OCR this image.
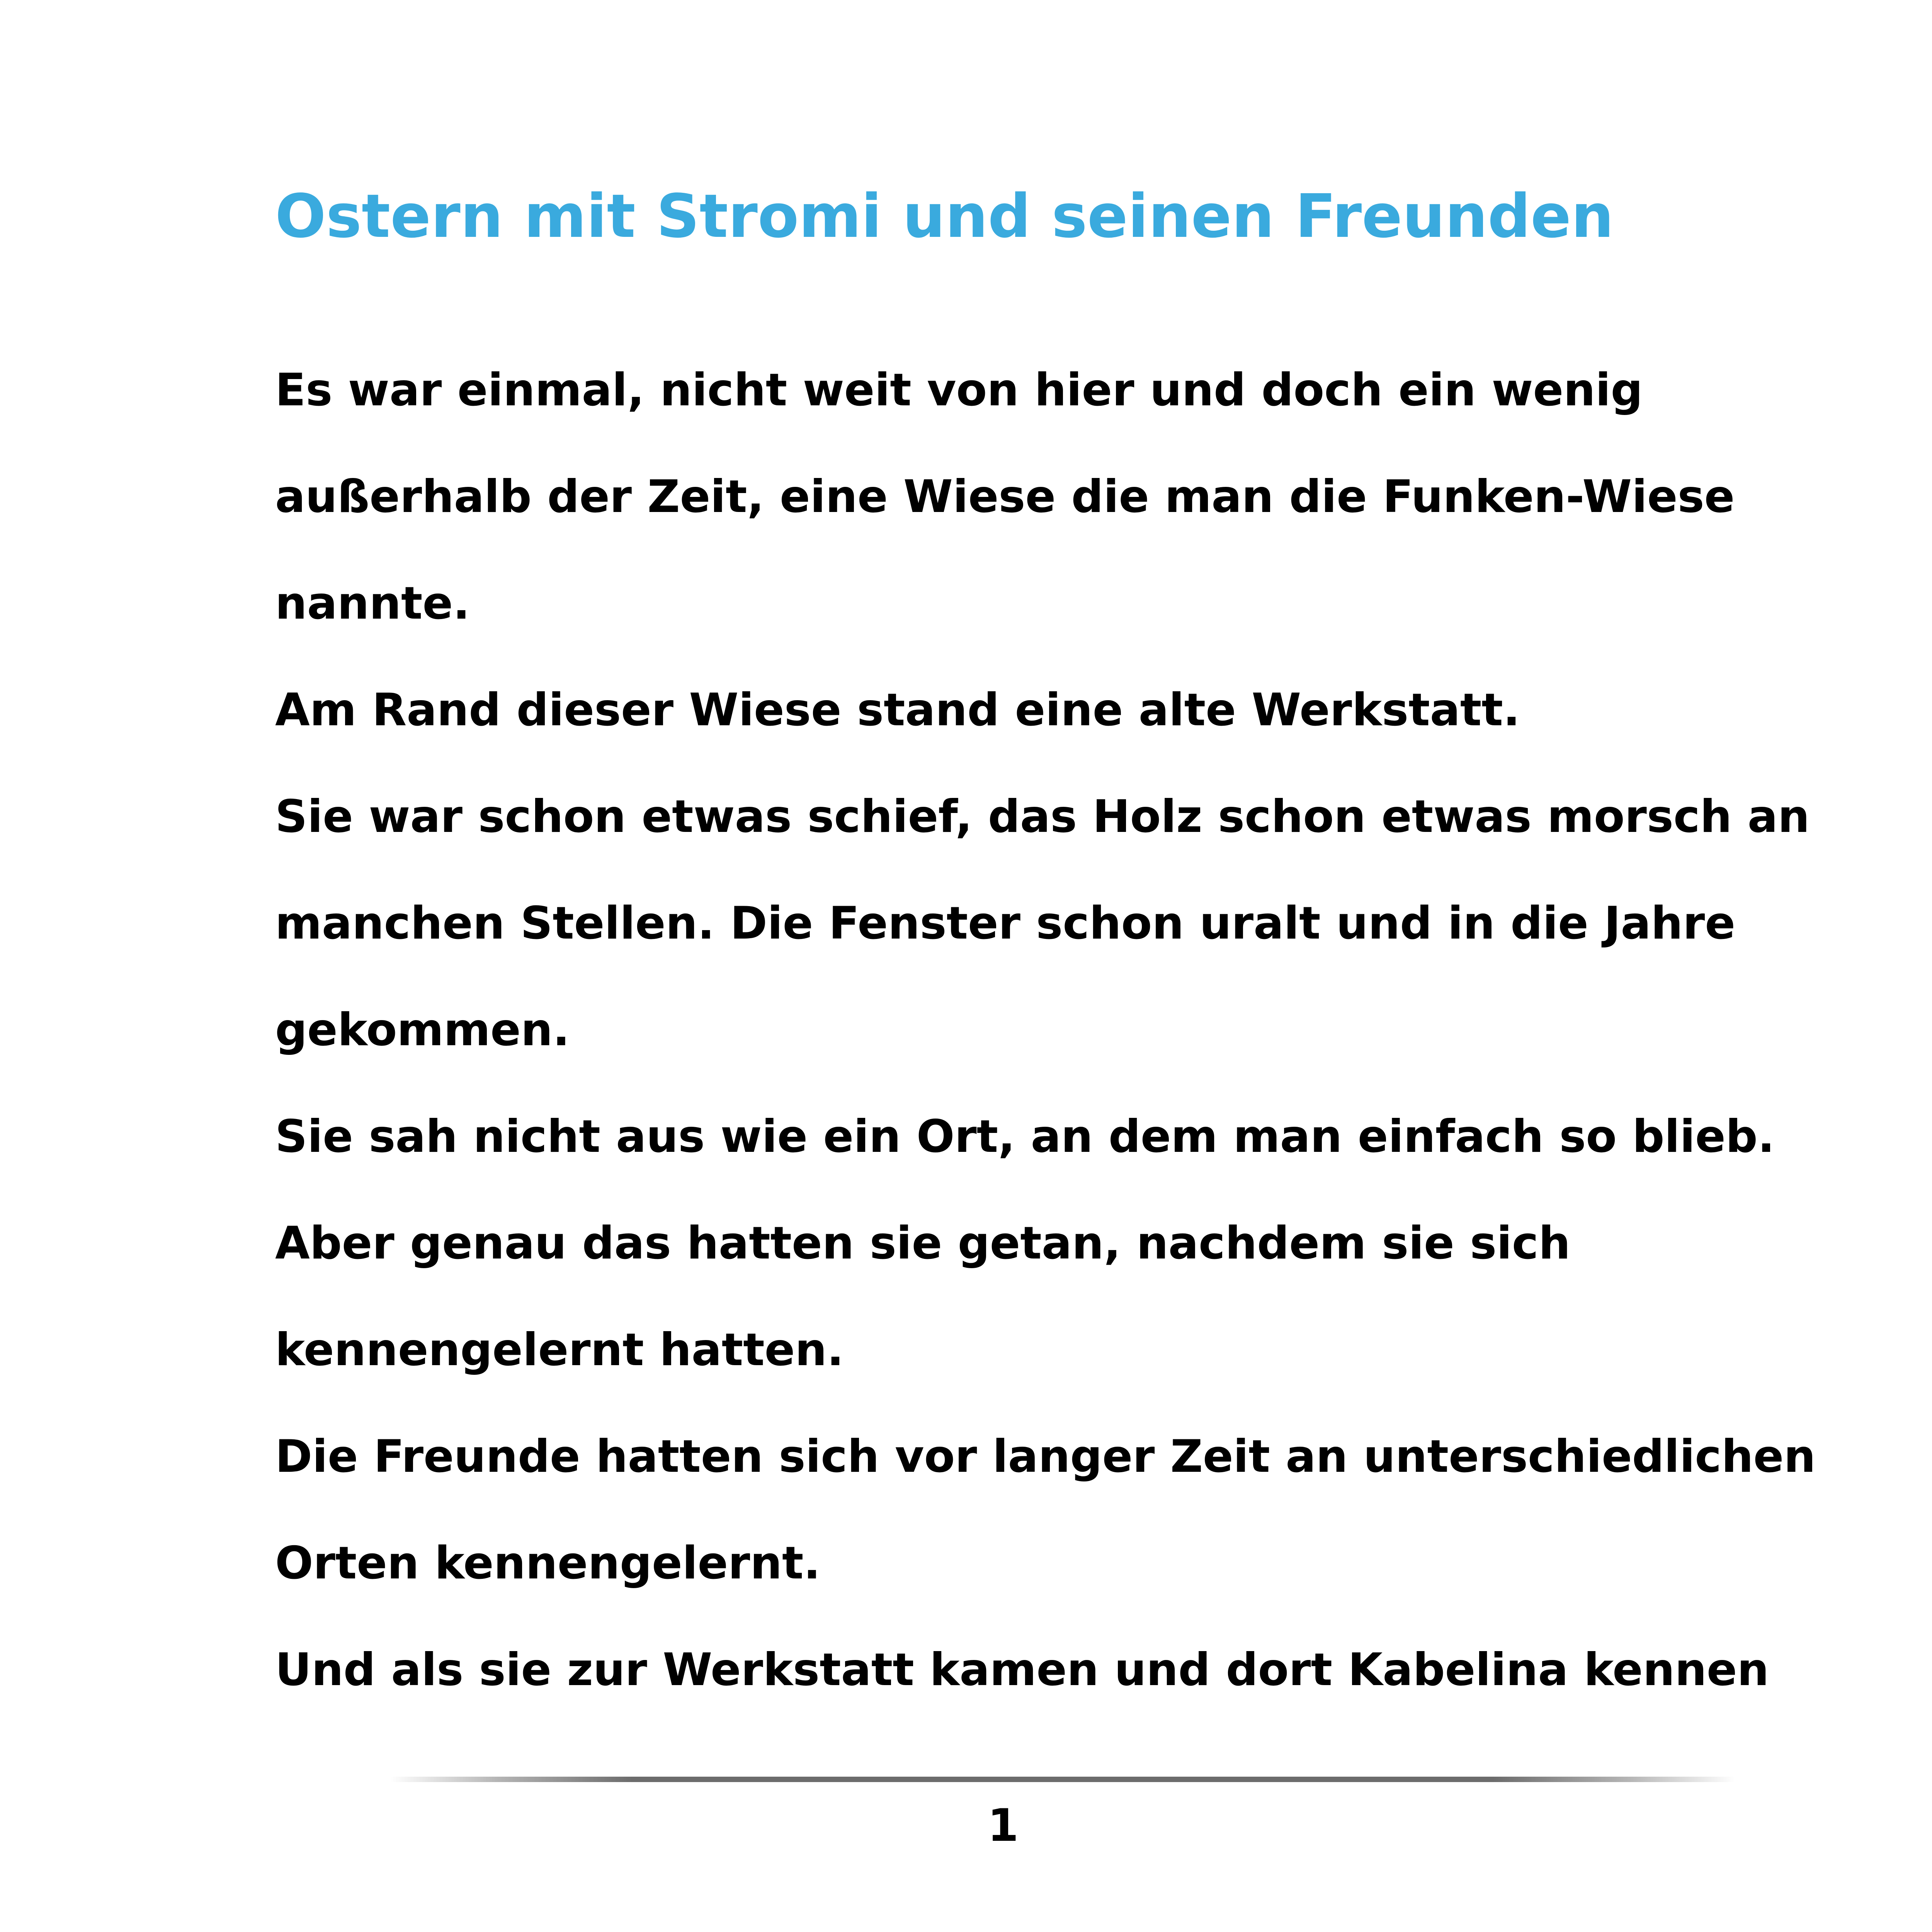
Ostern mit Stromi und seinen Freunden
Es war einmal, nicht weit von hier und doch ein wenig
außerhalb der Zeit, eine Wiese die man die Funken-Wiese
nannte.
Am Rand dieser Wiese stand eine alte Werkstatt.
Sie war schon etwas schief, das Holz schon etwas morsch an
manchen Stellen. Die Fenster schon uralt und in die Jahre
gekommen.
Sie sah nicht aus wie ein Ort, an dem man einfach so blieb.
Aber genau das hatten sie getan, nachdem sie sich
kennengelernt hatten.
Die Freunde hatten sich vor langer Zeit an unterschiedlichen
Orten kennengelernt.
Und als sie zur Werkstatt kamen und dort Kabelina kennen
1
